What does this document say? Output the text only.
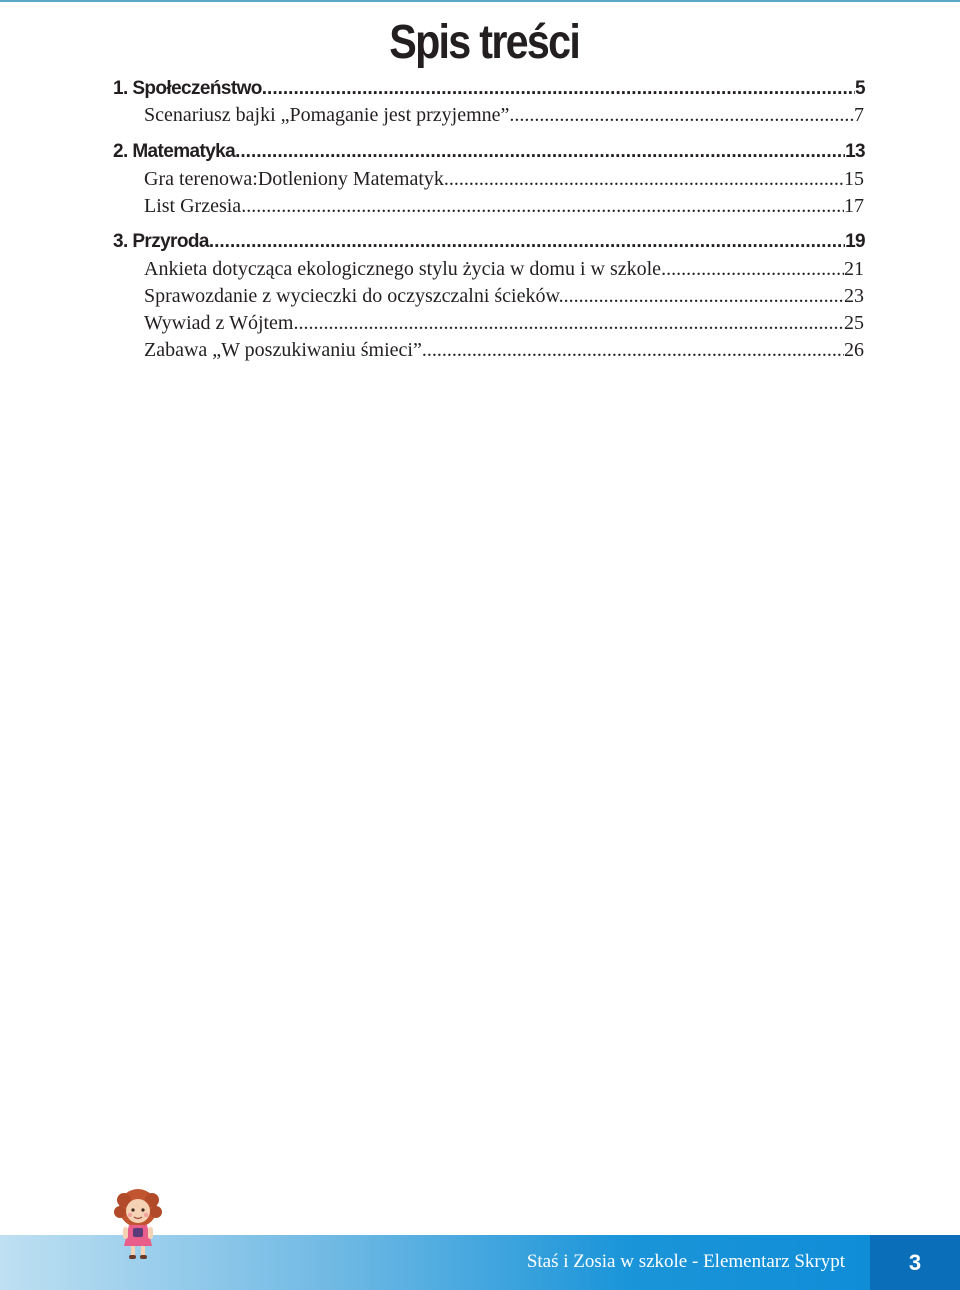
Spis treści
1. Społeczeństwo .....	5
Scenariusz bajki „Pomaganie jest przyjemne” .....	7
2. Matematyka .....	13
Gra terenowa:Dotleniony Matematyk .....	15
List Grzesia .....	17
3. Przyroda .....	19
Ankieta dotycząca ekologicznego stylu życia w domu i w szkole .....	21
Sprawozdanie z wycieczki do oczyszczalni ścieków. .....	23
Wywiad z Wójtem .....	25
Zabawa „W poszukiwaniu śmieci” .....	26
Staś i Zosia w szkole - Elementarz Skrypt	3
